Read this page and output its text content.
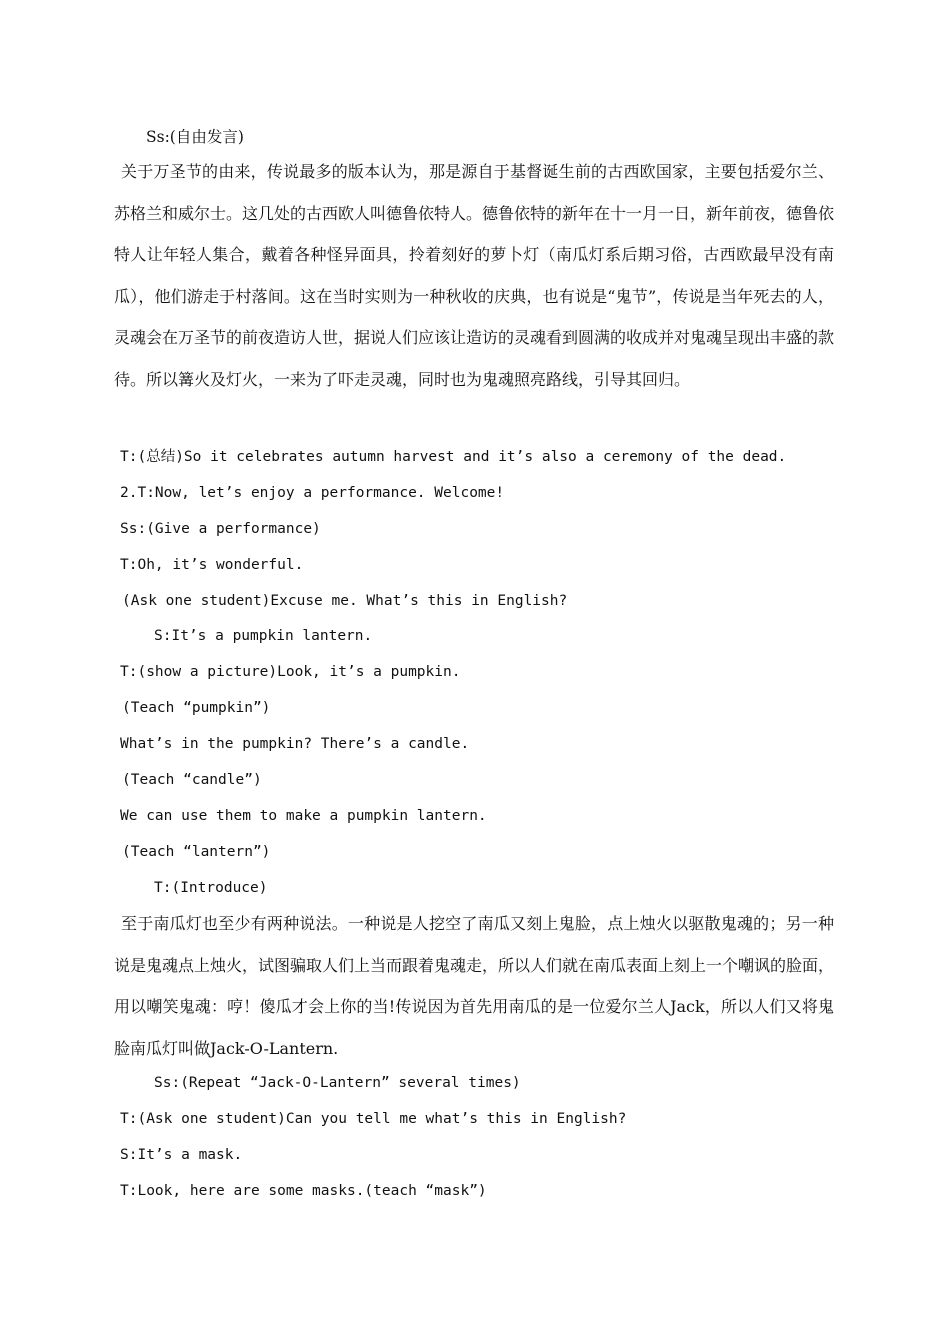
Ss:(自由发言)
关于万圣节的由来，传说最多的版本认为，那是源自于基督诞生前的古西欧国家，主要包括爱尔兰、苏格兰和威尔士。这几处的古西欧人叫德鲁依特人。德鲁依特的新年在十一月一日，新年前夜，德鲁依特人让年轻人集合，戴着各种怪异面具，拎着刻好的萝卜灯（南瓜灯系后期习俗，古西欧最早没有南瓜），他们游走于村落间。这在当时实则为一种秋收的庆典，也有说是“鬼节”，传说是当年死去的人，灵魂会在万圣节的前夜造访人世，据说人们应该让造访的灵魂看到圆满的收成并对鬼魂呈现出丰盛的款待。所以篝火及灯火，一来为了吓走灵魂，同时也为鬼魂照亮路线，引导其回归。
T:(总结)So it celebrates autumn harvest and it’s also a ceremony of the dead.
2.T:Now, let’s enjoy a performance. Welcome!
Ss:(Give a performance)
T:Oh, it’s wonderful.
(Ask one student)Excuse me. What’s this in English?
S:It’s a pumpkin lantern.
T:(show a picture)Look, it’s a pumpkin.
(Teach “pumpkin”)
What’s in the pumpkin? There’s a candle.
(Teach “candle”)
We can use them to make a pumpkin lantern.
(Teach “lantern”)
T:(Introduce)
至于南瓜灯也至少有两种说法。一种说是人挖空了南瓜又刻上鬼脸，点上烛火以驱散鬼魂的；另一种说是鬼魂点上烛火，试图骗取人们上当而跟着鬼魂走，所以人们就在南瓜表面上刻上一个嘲讽的脸面，用以嘲笑鬼魂：哼！傻瓜才会上你的当!传说因为首先用南瓜的是一位爱尔兰人Jack，所以人们又将鬼脸南瓜灯叫做Jack-O-Lantern.
Ss:(Repeat “Jack-O-Lantern” several times)
T:(Ask one student)Can you tell me what’s this in English?
S:It’s a mask.
T:Look, here are some masks.(teach “mask”)
